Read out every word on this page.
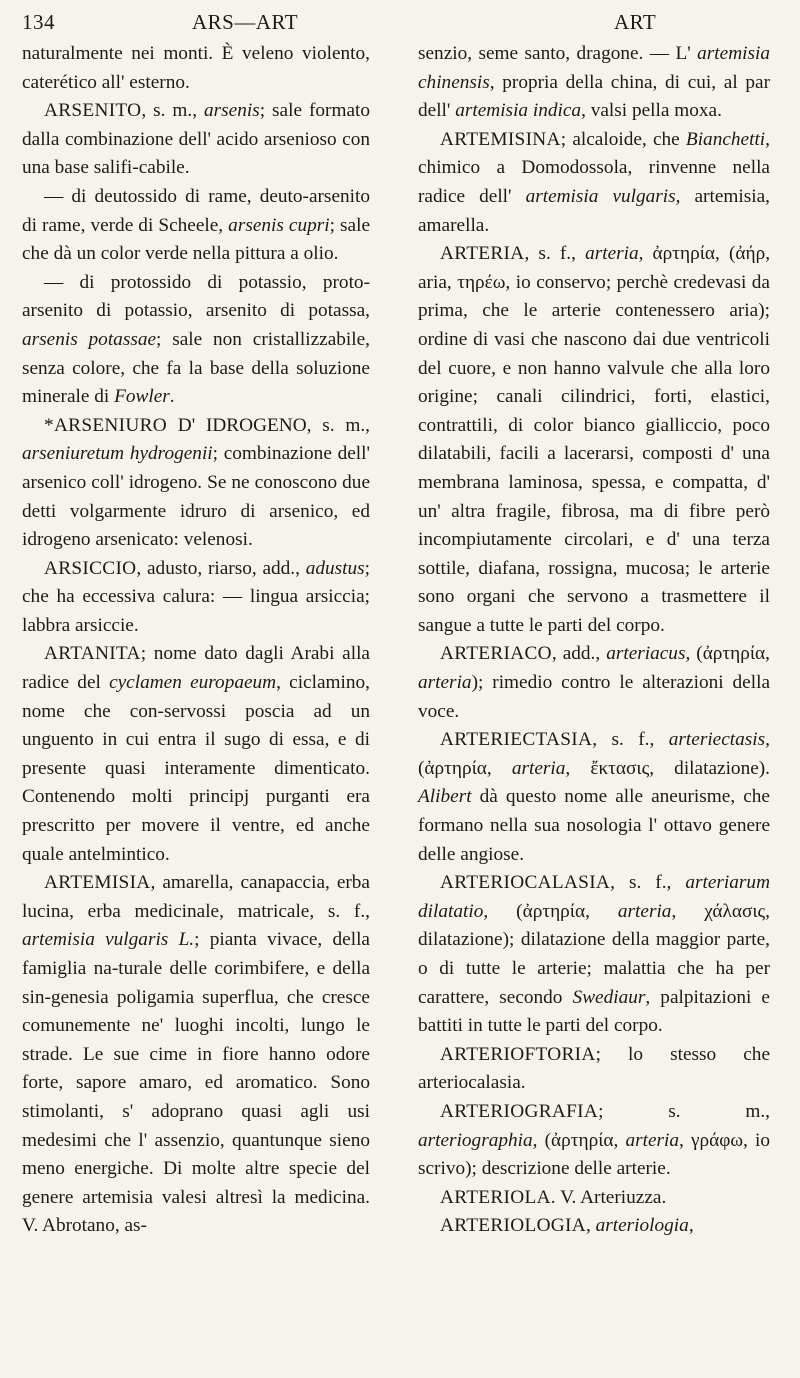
134	ARS—ART	ART

naturalmente nei monti. È veleno violento, caterético all' esterno.

ARSENITO, s. m., arsenis; sale formato dalla combinazione dell' acido arsenioso con una base salifi-cabile.

— di deutossido di rame, deuto-arsenito di rame, verde di Scheele, arsenis cupri; sale che dà un color verde nella pittura a olio.

— di protossido di potassio, proto-arsenito di potassio, arsenito di potassa, arsenis potassae; sale non cristallizzabile, senza colore, che fa la base della soluzione minerale di Fowler.

*ARSENIURO D' IDROGENO, s. m., arseniuretum hydrogenii; combinazione dell' arsenico coll' idrogeno. Se ne conoscono due detti volgarmente idruro di arsenico, ed idrogeno arsenicato: velenosi.

ARSICCIO, adusto, riarso, add., adustus; che ha eccessiva calura: — lingua arsiccia; labbra arsiccie.

ARTANITA; nome dato dagli Arabi alla radice del cyclamen europaeum, ciclaminо, nome che con-servossi poscia ad un unguento in cui entra il sugo di essa, e di presente quasi interamente dimenticato. Contenendo molti principj purganti era prescritto per movere il ventre, ed anche quale antelmintico.

ARTEMISIA, amarella, canapaccia, erba lucina, erba medicinale, matricale, s. f., artemisia vulgaris L.; pianta vivace, della famiglia na-turale delle corimbifere, e della sin-genesia poligamia superflua, che cresce comunemente ne' luoghi incolti, lungo le strade. Le sue cime in fiore hanno odore forte, sapore amaro, ed aromatico. Sono stimolanti, s' adoprano quasi agli usi medesimi che l' assenzio, quantunque sieno meno energiche. Di molte altre specie del genere artemisia valesi altresì la medicina. V. Abrotano, as-

senzio, seme santo, dragone. — L' artemisia chinensis, propria della china, di cui, al par dell' artemisia indica, valsi pella moxa.

ARTEMISINA; alcaloide, che Bianchetti, chimico a Domodossola, rinvenne nella radice dell' artemisia vulgaris, artemisia, amarella.

ARTERIA, s. f., arteria, ἀρτηρία, (ἀήρ, aria, τηρέω, io conservo; perchè credevasi da prima, che le arterie contenessero aria); ordine di vasi che nascono dai due ventricoli del cuore, e non hanno valvule che alla loro origine; canali cilindrici, forti, elastici, contrattili, di color bianco gialliccio, poco dilatabili, facili a lacerarsi, composti d' una membrana laminosa, spessa, e compatta, d' un' altra fragile, fibrosa, ma di fibre però incompiutamente circolari, e d' una terza sottile, diafana, rossigna, mucosa; le arterie sono organi che servono a trasmettere il sangue a tutte le parti del corpo.

ARTERIACO, add., arteriacus, (ἀρτηρία, arteria); rimedio contro le alterazioni della voce.

ARTERIECTASIA, s. f., arteriectasis, (ἀρτηρία, arteria, ἔκτασις, dilatazione). Alibert dà questo nome alle aneurisme, che formano nella sua nosologia l' ottavo genere delle angiose.

ARTERIOCALASIA, s. f., arteriarum dilatatio, (ἀρτηρία, arteria, χάλασις, dilatazione); dilatazione della maggior parte, o di tutte le arterie; malattia che ha per carattere, secondo Swediaur, palpitazioni e battiti in tutte le parti del corpo.

ARTERIOFTORIA; lo stesso che arteriocalasia.

ARTERIOGRAFIA; s. m., arteriographia, (ἀρτηρία, arteria, γράφω, io scrivo); descrizione delle arterie.

ARTERIOLA. V. Arteriuzza.

ARTERIOLOGIA, arteriologia,
